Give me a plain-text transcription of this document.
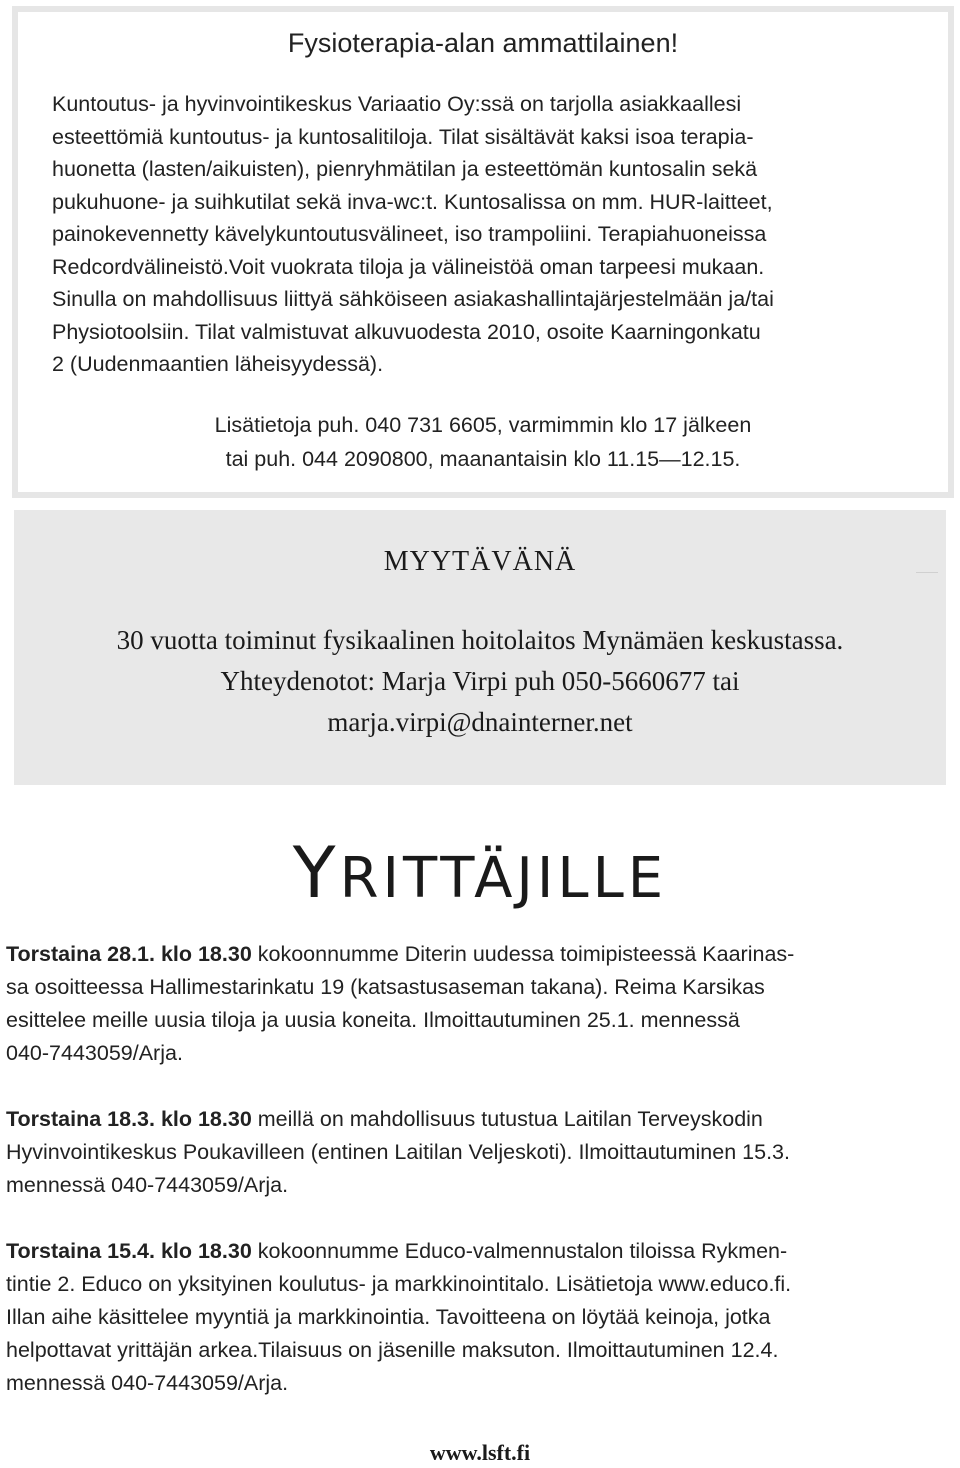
Fysioterapia-alan ammattilainen!
Kuntoutus- ja hyvinvointikeskus Variaatio Oy:ssä on tarjolla asiakkaallesi
esteettömiä kuntoutus- ja kuntosalitiloja. Tilat sisältävät kaksi isoa terapia-
huonetta (lasten/aikuisten), pienryhmätilan ja esteettömän kuntosalin sekä
pukuhuone- ja suihkutilat sekä inva-wc:t. Kuntosalissa on mm. HUR-laitteet,
painokevennetty kävelykuntoutusvälineet, iso trampoliini. Terapiahuoneissa
Redcordvälineistö.Voit vuokrata tiloja ja välineistöä oman tarpeesi mukaan.
Sinulla on mahdollisuus liittyä sähköiseen asiakashallintajärjestelmään ja/tai
Physiotoolsiin. Tilat valmistuvat alkuvuodesta 2010, osoite Kaarningonkatu
2 (Uudenmaantien läheisyydessä).
Lisätietoja puh. 040 731 6605, varmimmin klo 17 jälkeen
tai puh. 044 2090800, maanantaisin klo 11.15—12.15.
MYYTÄVÄNÄ
30 vuotta toiminut fysikaalinen hoitolaitos Mynämäen keskustassa.
Yhteydenotot: Marja Virpi puh 050-5660677 tai
marja.virpi@dnainterner.net
YRITTÄJILLE
Torstaina 28.1. klo 18.30 kokoonnumme Diterin uudessa toimipisteessä Kaarinas-
sa osoitteessa Hallimestarinkatu 19 (katsastusaseman takana). Reima Karsikas
esittelee meille uusia tiloja ja uusia koneita. Ilmoittautuminen 25.1. mennessä
040-7443059/Arja.
Torstaina 18.3. klo 18.30 meillä on mahdollisuus tutustua Laitilan Terveyskodin
Hyvinvointikeskus Poukavilleen (entinen Laitilan Veljeskoti). Ilmoittautuminen 15.3.
mennessä 040-7443059/Arja.
Torstaina 15.4. klo 18.30 kokoonnumme Educo-valmennustalon tiloissa Rykmen-
tintie 2. Educo on yksityinen koulutus- ja markkinointitalo. Lisätietoja www.educo.fi.
Illan aihe käsittelee myyntiä ja markkinointia. Tavoitteena on löytää keinoja, jotka
helpottavat yrittäjän arkea.Tilaisuus on jäsenille maksuton. Ilmoittautuminen 12.4.
mennessä 040-7443059/Arja.
www.lsft.fi
